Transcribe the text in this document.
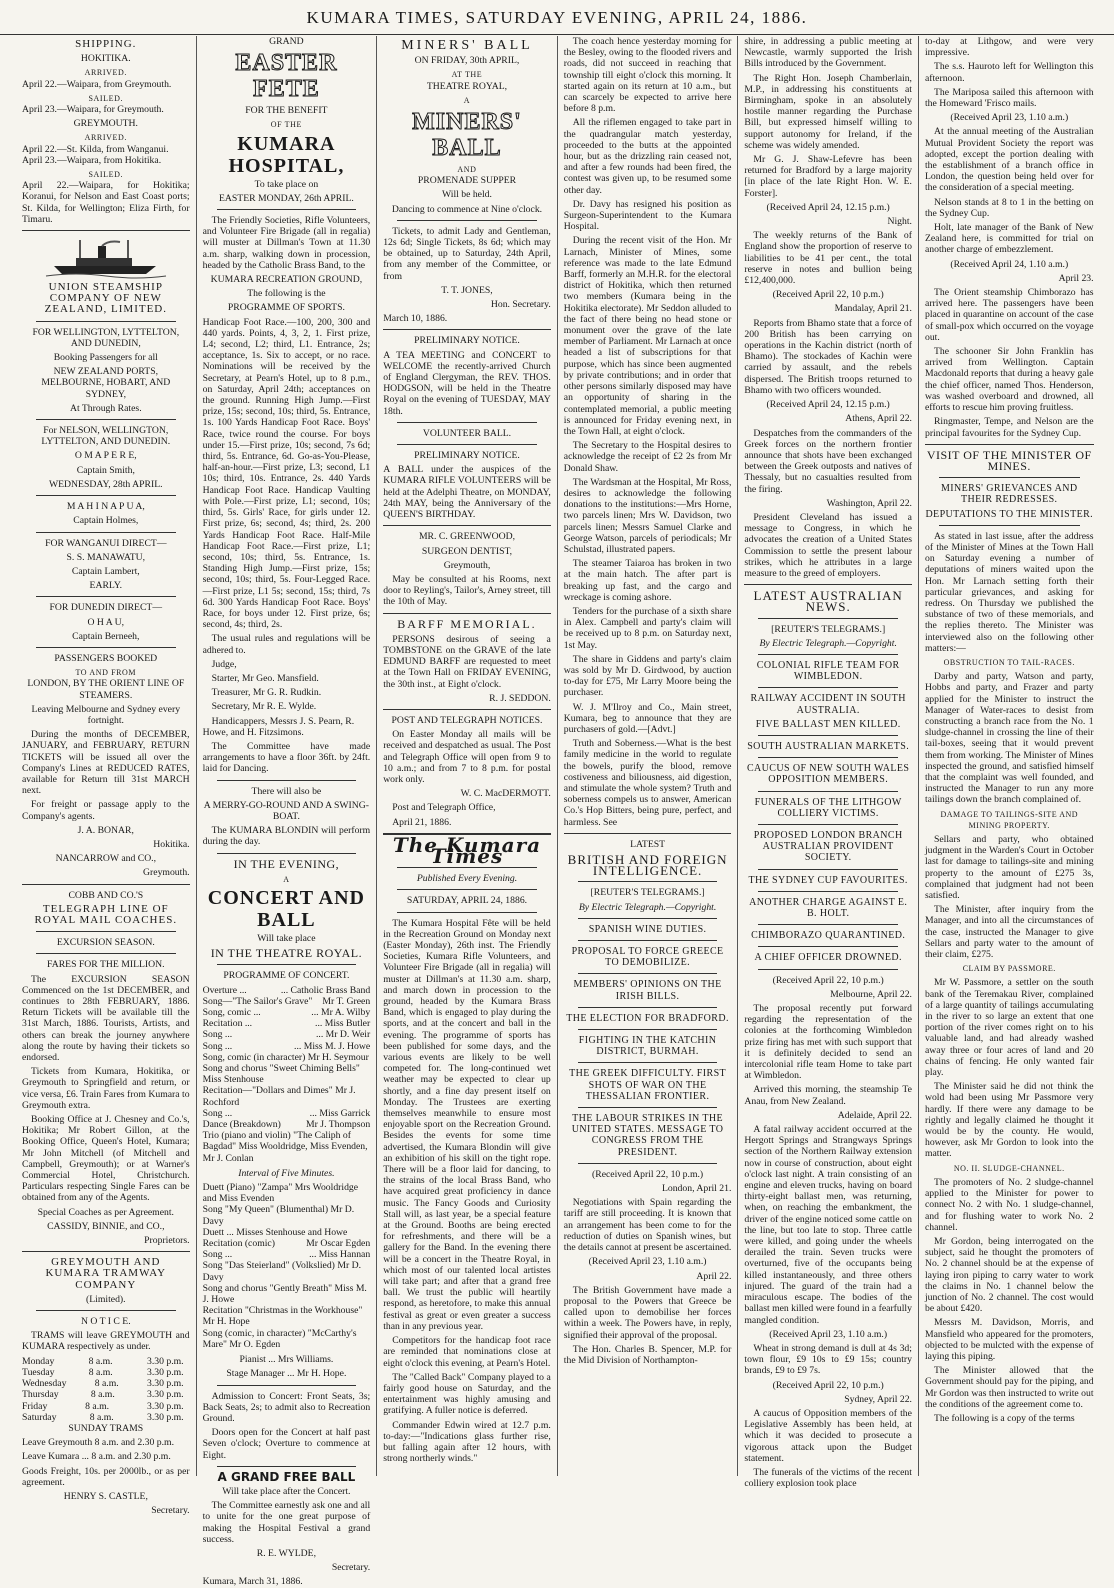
KUMARA TIMES, SATURDAY EVENING, APRIL 24, 1886.

SHIPPING.

HOKITIKA.

ARRIVED.

April 22.—Waipara, from Greymouth.

SAILED.

April 23.—Waipara, for Greymouth.

GREYMOUTH.

ARRIVED.

April 22.—St. Kilda, from Wanganui. April 23.—Waipara, from Hokitika.

SAILED.

April 22.—Waipara, for Hokitika; Koranui, for Nelson and East Coast ports; St. Kilda, for Wellington; Eliza Firth, for Timaru.

UNION STEAMSHIP COMPANY OF NEW ZEALAND, LIMITED.

FOR WELLINGTON, LYTTELTON, AND DUNEDIN,

Booking Passengers for all

NEW ZEALAND PORTS, MELBOURNE, HOBART, AND SYDNEY,

At Through Rates.

For NELSON, WELLINGTON, LYTTELTON, AND DUNEDIN.

O M A P E R E,

Captain Smith,

WEDNESDAY, 28th APRIL.

M A H I N A P U A,

Captain Holmes,

FOR WANGANUI DIRECT—

S. S. MANAWATU,

Captain Lambert,

EARLY.

FOR DUNEDIN DIRECT—

O H A U,

Captain Berneeh,

PASSENGERS BOOKED

TO AND FROM

LONDON, BY THE ORIENT LINE OF STEAMERS.

Leaving Melbourne and Sydney every fortnight.

During the months of DECEMBER, JANUARY, and FEBRUARY, RETURN TICKETS will be issued all over the Company's Lines at REDUCED RATES, available for Return till 31st MARCH next.

For freight or passage apply to the Company's agents.

J. A. BONAR,

Hokitika.

NANCARROW and CO.,

Greymouth.

COBB AND CO.'S

TELEGRAPH LINE OF ROYAL MAIL COACHES.

EXCURSION SEASON.

FARES FOR THE MILLION.

The EXCURSION SEASON Commenced on the 1st DECEMBER, and continues to 28th FEBRUARY, 1886. Return Tickets will be available till the 31st March, 1886. Tourists, Artists, and others can break the journey anywhere along the route by having their tickets so endorsed.

Tickets from Kumara, Hokitika, or Greymouth to Springfield and return, or vice versa, £6. Train Fares from Kumara to Greymouth extra.

Booking Office at J. Chesney and Co.'s, Hokitika; Mr Robert Gillon, at the Booking Office, Queen's Hotel, Kumara; Mr John Mitchell (of Mitchell and Campbell, Greymouth); or at Warner's Commercial Hotel, Christchurch. Particulars respecting Single Fares can be obtained from any of the Agents.

Special Coaches as per Agreement.

CASSIDY, BINNIE, and CO.,

Proprietors.

GREYMOUTH AND KUMARA TRAMWAY COMPANY

(Limited).

N O T I C E.

TRAMS will leave GREYMOUTH and KUMARA respectively as under.

Monday	8 a.m.	3.30 p.m.
Tuesday	8 a.m.	3.30 p.m.
Wednesday	8 a.m.	3.30 p.m.
Thursday	8 a.m.	3.30 p.m.
Friday	8 a.m.	3.30 p.m.
Saturday	8 a.m.	3.30 p.m.

SUNDAY TRAMS

Leave Greymouth 8 a.m. and 2.30 p.m.

Leave Kumara ... 8 a.m. and 2.30 p.m.

Goods Freight, 10s. per 2000lb., or as per agreement.

HENRY S. CASTLE,

Secretary.

GRAND

EASTER FETE

FOR THE BENEFIT

OF THE

KUMARA HOSPITAL,

To take place on

EASTER MONDAY, 26th APRIL.

The Friendly Societies, Rifle Volunteers, and Volunteer Fire Brigade (all in regalia) will muster at Dillman's Town at 11.30 a.m. sharp, walking down in procession, headed by the Catholic Brass Band, to the

KUMARA RECREATION GROUND,

The following is the

PROGRAMME OF SPORTS.

Handicap Foot Race.—100, 200, 300 and 440 yards. Points, 4, 3, 2, 1. First prize, L4; second, L2; third, L1. Entrance, 2s; acceptance, 1s. Six to accept, or no race. Nominations will be received by the Secretary, at Pearn's Hotel, up to 8 p.m., on Saturday, April 24th; acceptances on the ground. Running High Jump.—First prize, 15s; second, 10s; third, 5s. Entrance, 1s. 100 Yards Handicap Foot Race. Boys' Race, twice round the course. For boys under 15.—First prize, 10s; second, 7s 6d; third, 5s. Entrance, 6d. Go-as-You-Please, half-an-hour.—First prize, L3; second, L1 10s; third, 10s. Entrance, 2s. 440 Yards Handicap Foot Race. Handicap Vaulting with Pole.—First prize, L1; second, 10s; third, 5s. Girls' Race, for girls under 12. First prize, 6s; second, 4s; third, 2s. 200 Yards Handicap Foot Race. Half-Mile Handicap Foot Race.—First prize, L1; second, 10s; third, 5s. Entrance, 1s. Standing High Jump.—First prize, 15s; second, 10s; third, 5s. Four-Legged Race.—First prize, L1 5s; second, 15s; third, 7s 6d. 300 Yards Handicap Foot Race. Boys' Race, for boys under 12. First prize, 6s; second, 4s; third, 2s.

The usual rules and regulations will be adhered to.

Judge,

Starter, Mr Geo. Mansfield.

Treasurer, Mr G. R. Rudkin.

Secretary, Mr R. E. Wylde.

Handicappers, Messrs J. S. Pearn, R. Howe, and H. Fitzsimons.

The Committee have made arrangements to have a floor 36ft. by 24ft. laid for Dancing.

There will also be

A MERRY-GO-ROUND AND A SWING-BOAT.

The KUMARA BLONDIN will perform during the day.

IN THE EVENING,

A

CONCERT AND BALL

Will take place

IN THE THEATRE ROYAL.

PROGRAMME OF CONCERT.

Overture ...	... Catholic Brass Band
Song—"The Sailor's Grave" Mr T. Green
Song, comic ...	... Mr A. Wilby
Recitation ...	... Miss Butler
Song ...	... Mr D. Weir
Song ...	... Miss M. J. Howe
Song, comic (in character) Mr H. Seymour
Song and chorus "Sweet Chiming Bells" Miss Stenhouse
Recitation—"Dollars and Dimes" Mr J. Rochford
Song ...	... Miss Garrick
Dance (Breakdown)	Mr J. Thompson
Trio (piano and violin) "The Caliph of Bagdad" Miss Wooldridge, Miss Evenden, Mr J. Conlan

Interval of Five Minutes.

Duett (Piano) "Zampa" Mrs Wooldridge and Miss Evenden
Song "My Queen" (Blumenthal) Mr D. Davy
Duett ... Misses Stenhouse and Howe
Recitation (comic)	Mr Oscar Egden
Song ...	... Miss Hannan
Song "Das Steierland" (Volkslied) Mr D. Davy
Song and chorus "Gently Breath" Miss M. J. Howe
Recitation "Christmas in the Workhouse" Mr H. Hope
Song (comic, in character) "McCarthy's Mare" Mr O. Egden

Pianist ... Mrs Williams.

Stage Manager ... Mr H. Hope.

Admission to Concert: Front Seats, 3s; Back Seats, 2s; to admit also to Recreation Ground.

Doors open for the Concert at half past Seven o'clock; Overture to commence at Eight.

A GRAND FREE BALL

Will take place after the Concert.

The Committee earnestly ask one and all to unite for the one great purpose of making the Hospital Festival a grand success.

R. E. WYLDE,

Secretary.

Kumara, March 31, 1886.

MINERS' BALL

ON FRIDAY, 30th APRIL,

AT THE

THEATRE ROYAL,

A

MINERS' BALL

AND

PROMENADE SUPPER

Will be held.

Dancing to commence at Nine o'clock.

Tickets, to admit Lady and Gentleman, 12s 6d; Single Tickets, 8s 6d; which may be obtained, up to Saturday, 24th April, from any member of the Committee, or from

T. T. JONES,

Hon. Secretary.

March 10, 1886.

PRELIMINARY NOTICE.

A TEA MEETING and CONCERT to WELCOME the recently-arrived Church of England Clergyman, the REV. THOS. HODGSON, will be held in the Theatre Royal on the evening of TUESDAY, MAY 18th.

VOLUNTEER BALL.

PRELIMINARY NOTICE.

A BALL under the auspices of the KUMARA RIFLE VOLUNTEERS will be held at the Adelphi Theatre, on MONDAY, 24th MAY, being the Anniversary of the QUEEN'S BIRTHDAY.

MR. C. GREENWOOD,

SURGEON DENTIST,

Greymouth,

May be consulted at his Rooms, next door to Reyling's, Tailor's, Arney street, till the 10th of May.

BARFF MEMORIAL.

PERSONS desirous of seeing a TOMBSTONE on the GRAVE of the late EDMUND BARFF are requested to meet at the Town Hall on FRIDAY EVENING, the 30th inst., at Eight o'clock.

R. J. SEDDON.

POST AND TELEGRAPH NOTICES.

On Easter Monday all mails will be received and despatched as usual. The Post and Telegraph Office will open from 9 to 10 a.m.; and from 7 to 8 p.m. for postal work only.

W. C. MacDERMOTT.

Post and Telegraph Office,

April 21, 1886.

The Kumara Times

Published Every Evening.

SATURDAY, APRIL 24, 1886.

The Kumara Hospital Fête will be held in the Recreation Ground on Monday next (Easter Monday), 26th inst. The Friendly Societies, Kumara Rifle Volunteers, and Volunteer Fire Brigade (all in regalia) will muster at Dillman's at 11.30 a.m. sharp, and march down in procession to the ground, headed by the Kumara Brass Band, which is engaged to play during the sports, and at the concert and ball in the evening. The programme of sports has been published for some days, and the various events are likely to be well competed for. The long-continued wet weather may be expected to clear up shortly, and a fine day present itself on Monday. The Trustees are exerting themselves meanwhile to ensure most enjoyable sport on the Recreation Ground. Besides the events for some time advertised, the Kumara Blondin will give an exhibition of his skill on the tight rope. There will be a floor laid for dancing, to the strains of the local Brass Band, who have acquired great proficiency in dance music. The Fancy Goods and Curiosity Stall will, as last year, be a special feature at the Ground. Booths are being erected for refreshments, and there will be a gallery for the Band. In the evening there will be a concert in the Theatre Royal, in which most of our talented local artistes will take part; and after that a grand free ball. We trust the public will heartily respond, as heretofore, to make this annual festival as great or even greater a success than in any previous year.

Competitors for the handicap foot race are reminded that nominations close at eight o'clock this evening, at Pearn's Hotel.

The "Called Back" Company played to a fairly good house on Saturday, and the entertainment was highly amusing and gratifying. A fuller notice is deferred.

Commander Edwin wired at 12.7 p.m. to-day:—"Indications glass further rise, but falling again after 12 hours, with strong northerly winds."

The coach hence yesterday morning for the Besley, owing to the flooded rivers and roads, did not succeed in reaching that township till eight o'clock this morning. It started again on its return at 10 a.m., but can scarcely be expected to arrive here before 8 p.m.

All the riflemen engaged to take part in the quadrangular match yesterday, proceeded to the butts at the appointed hour, but as the drizzling rain ceased not, and after a few rounds had been fired, the contest was given up, to be resumed some other day.

Dr. Davy has resigned his position as Surgeon-Superintendent to the Kumara Hospital.

During the recent visit of the Hon. Mr Larnach, Minister of Mines, some reference was made to the late Edmund Barff, formerly an M.H.R. for the electoral district of Hokitika, which then returned two members (Kumara being in the Hokitika electorate). Mr Seddon alluded to the fact of there being no head stone or monument over the grave of the late member of Parliament. Mr Larnach at once headed a list of subscriptions for that purpose, which has since been augmented by private contributions; and in order that other persons similarly disposed may have an opportunity of sharing in the contemplated memorial, a public meeting is announced for Friday evening next, in the Town Hall, at eight o'clock.

The Secretary to the Hospital desires to acknowledge the receipt of £2 2s from Mr Donald Shaw.

The Wardsman at the Hospital, Mr Ross, desires to acknowledge the following donations to the institutions:—Mrs Horne, two parcels linen; Mrs W. Davidson, two parcels linen; Messrs Samuel Clarke and George Watson, parcels of periodicals; Mr Schulstad, illustrated papers.

The steamer Taiaroa has broken in two at the main hatch. The after part is breaking up fast, and the cargo and wreckage is coming ashore.

Tenders for the purchase of a sixth share in Alex. Campbell and party's claim will be received up to 8 p.m. on Saturday next, 1st May.

The share in Giddens and party's claim was sold by Mr D. Girdwood, by auction to-day for £75, Mr Larry Moore being the purchaser.

W. J. M'Ilroy and Co., Main street, Kumara, beg to announce that they are purchasers of gold.—[Advt.]

Truth and Soberness.—What is the best family medicine in the world to regulate the bowels, purify the blood, remove costiveness and biliousness, aid digestion, and stimulate the whole system? Truth and soberness compels us to answer, American Co.'s Hop Bitters, being pure, perfect, and harmless. See

LATEST

BRITISH AND FOREIGN INTELLIGENCE.

[REUTER'S TELEGRAMS.]

By Electric Telegraph.—Copyright.

SPANISH WINE DUTIES.

PROPOSAL TO FORCE GREECE TO DEMOBILIZE.

MEMBERS' OPINIONS ON THE IRISH BILLS.

THE ELECTION FOR BRADFORD.

FIGHTING IN THE KATCHIN DISTRICT, BURMAH.

THE GREEK DIFFICULTY. FIRST SHOTS OF WAR ON THE THESSALIAN FRONTIER.

THE LABOUR STRIKES IN THE UNITED STATES. MESSAGE TO CONGRESS FROM THE PRESIDENT.

(Received April 22, 10 p.m.)

London, April 21.

Negotiations with Spain regarding the tariff are still proceeding. It is known that an arrangement has been come to for the reduction of duties on Spanish wines, but the details cannot at present be ascertained.

(Received April 23, 1.10 a.m.)

April 22.

The British Government have made a proposal to the Powers that Greece be called upon to demobilise her forces within a week. The Powers have, in reply, signified their approval of the proposal.

The Hon. Charles B. Spencer, M.P. for the Mid Division of Northampton-

shire, in addressing a public meeting at Newcastle, warmly supported the Irish Bills introduced by the Government.

The Right Hon. Joseph Chamberlain, M.P., in addressing his constituents at Birmingham, spoke in an absolutely hostile manner regarding the Purchase Bill, but expressed himself willing to support autonomy for Ireland, if the scheme was widely amended.

Mr G. J. Shaw-Lefevre has been returned for Bradford by a large majority [in place of the late Right Hon. W. E. Forster].

(Received April 24, 12.15 p.m.)

Night.

The weekly returns of the Bank of England show the proportion of reserve to liabilities to be 41 per cent., the total reserve in notes and bullion being £12,400,000.

(Received April 22, 10 p.m.)

Mandalay, April 21.

Reports from Bhamo state that a force of 200 British has been carrying on operations in the Kachin district (north of Bhamo). The stockades of Kachin were carried by assault, and the rebels dispersed. The British troops returned to Bhamo with two officers wounded.

(Received April 24, 12.15 p.m.)

Athens, April 22.

Despatches from the commanders of the Greek forces on the northern frontier announce that shots have been exchanged between the Greek outposts and natives of Thessaly, but no casualties resulted from the firing.

Washington, April 22.

President Cleveland has issued a message to Congress, in which he advocates the creation of a United States Commission to settle the present labour strikes, which he attributes in a large measure to the greed of employers.

LATEST AUSTRALIAN NEWS.

[REUTER'S TELEGRAMS.]

By Electric Telegraph.—Copyright.

COLONIAL RIFLE TEAM FOR WIMBLEDON.

RAILWAY ACCIDENT IN SOUTH AUSTRALIA.

FIVE BALLAST MEN KILLED.

SOUTH AUSTRALIAN MARKETS.

CAUCUS OF NEW SOUTH WALES OPPOSITION MEMBERS.

FUNERALS OF THE LITHGOW COLLIERY VICTIMS.

PROPOSED LONDON BRANCH AUSTRALIAN PROVIDENT SOCIETY.

THE SYDNEY CUP FAVOURITES.

ANOTHER CHARGE AGAINST E. B. HOLT.

CHIMBORAZO QUARANTINED.

A CHIEF OFFICER DROWNED.

(Received April 22, 10 p.m.)

Melbourne, April 22.

The proposal recently put forward regarding the representation of the colonies at the forthcoming Wimbledon prize firing has met with such support that it is definitely decided to send an intercolonial rifle team Home to take part at Wimbledon.

Arrived this morning, the steamship Te Anau, from New Zealand.

Adelaide, April 22.

A fatal railway accident occurred at the Hergott Springs and Strangways Springs section of the Northern Railway extension now in course of construction, about eight o'clock last night. A train consisting of an engine and eleven trucks, having on board thirty-eight ballast men, was returning, when, on reaching the embankment, the driver of the engine noticed some cattle on the line, but too late to stop. Three cattle were killed, and going under the wheels derailed the train. Seven trucks were overturned, five of the occupants being killed instantaneously, and three others injured. The guard of the train had a miraculous escape. The bodies of the ballast men killed were found in a fearfully mangled condition.

(Received April 23, 1.10 a.m.)

Wheat in strong demand is dull at 4s 3d; town flour, £9 10s to £9 15s; country brands, £9 to £9 7s.

(Received April 22, 10 p.m.)

Sydney, April 22.

A caucus of Opposition members of the Legislative Assembly has been held, at which it was decided to prosecute a vigorous attack upon the Budget statement.

The funerals of the victims of the recent colliery explosion took place

to-day at Lithgow, and were very impressive.

The s.s. Hauroto left for Wellington this afternoon.

The Mariposa sailed this afternoon with the Homeward 'Frisco mails.

(Received April 23, 1.10 a.m.)

At the annual meeting of the Australian Mutual Provident Society the report was adopted, except the portion dealing with the establishment of a branch office in London, the question being held over for the consideration of a special meeting.

Nelson stands at 8 to 1 in the betting on the Sydney Cup.

Holt, late manager of the Bank of New Zealand here, is committed for trial on another charge of embezzlement.

(Received April 24, 1.10 a.m.)

April 23.

The Orient steamship Chimborazo has arrived here. The passengers have been placed in quarantine on account of the case of small-pox which occurred on the voyage out.

The schooner Sir John Franklin has arrived from Wellington. Captain Macdonald reports that during a heavy gale the chief officer, named Thos. Henderson, was washed overboard and drowned, all efforts to rescue him proving fruitless.

Ringmaster, Tempe, and Nelson are the principal favourites for the Sydney Cup.

VISIT OF THE MINISTER OF MINES.

MINERS' GRIEVANCES AND THEIR REDRESSES.

DEPUTATIONS TO THE MINISTER.

As stated in last issue, after the address of the Minister of Mines at the Town Hall on Saturday evening a number of deputations of miners waited upon the Hon. Mr Larnach setting forth their particular grievances, and asking for redress. On Thursday we published the substance of two of these memorials, and the replies thereto. The Minister was interviewed also on the following other matters:—

OBSTRUCTION TO TAIL-RACES.

Darby and party, Watson and party, Hobbs and party, and Frazer and party applied for the Minister to instruct the Manager of Water-races to desist from constructing a branch race from the No. 1 sludge-channel in crossing the line of their tail-boxes, seeing that it would prevent them from working. The Minister of Mines inspected the ground, and satisfied himself that the complaint was well founded, and instructed the Manager to run any more tailings down the branch complained of.

DAMAGE TO TAILINGS-SITE AND MINING PROPERTY.

Sellars and party, who obtained judgment in the Warden's Court in October last for damage to tailings-site and mining property to the amount of £275 3s, complained that judgment had not been satisfied.

The Minister, after inquiry from the Manager, and into all the circumstances of the case, instructed the Manager to give Sellars and party water to the amount of their claim, £275.

CLAIM BY PASSMORE.

Mr W. Passmore, a settler on the south bank of the Teremakau River, complained of a large quantity of tailings accumulating in the river to so large an extent that one portion of the river comes right on to his valuable land, and had already washed away three or four acres of land and 20 chains of fencing. He only wanted fair play.

The Minister said he did not think the wold had been using Mr Passmore very hardly. If there were any damage to be rightly and legally claimed he thought it would be by the county. He would, however, ask Mr Gordon to look into the matter.

NO. II. SLUDGE-CHANNEL.

The promoters of No. 2 sludge-channel applied to the Minister for power to connect No. 2 with No. 1 sludge-channel, and for flushing water to work No. 2 channel.

Mr Gordon, being interrogated on the subject, said he thought the promoters of No. 2 channel should be at the expense of laying iron piping to carry water to work the claims in No. 1 channel below the junction of No. 2 channel. The cost would be about £420.

Messrs M. Davidson, Morris, and Mansfield who appeared for the promoters, objected to be mulcted with the expense of laying this piping.

The Minister allowed that the Government should pay for the piping, and Mr Gordon was then instructed to write out the conditions of the agreement come to.

The following is a copy of the terms
